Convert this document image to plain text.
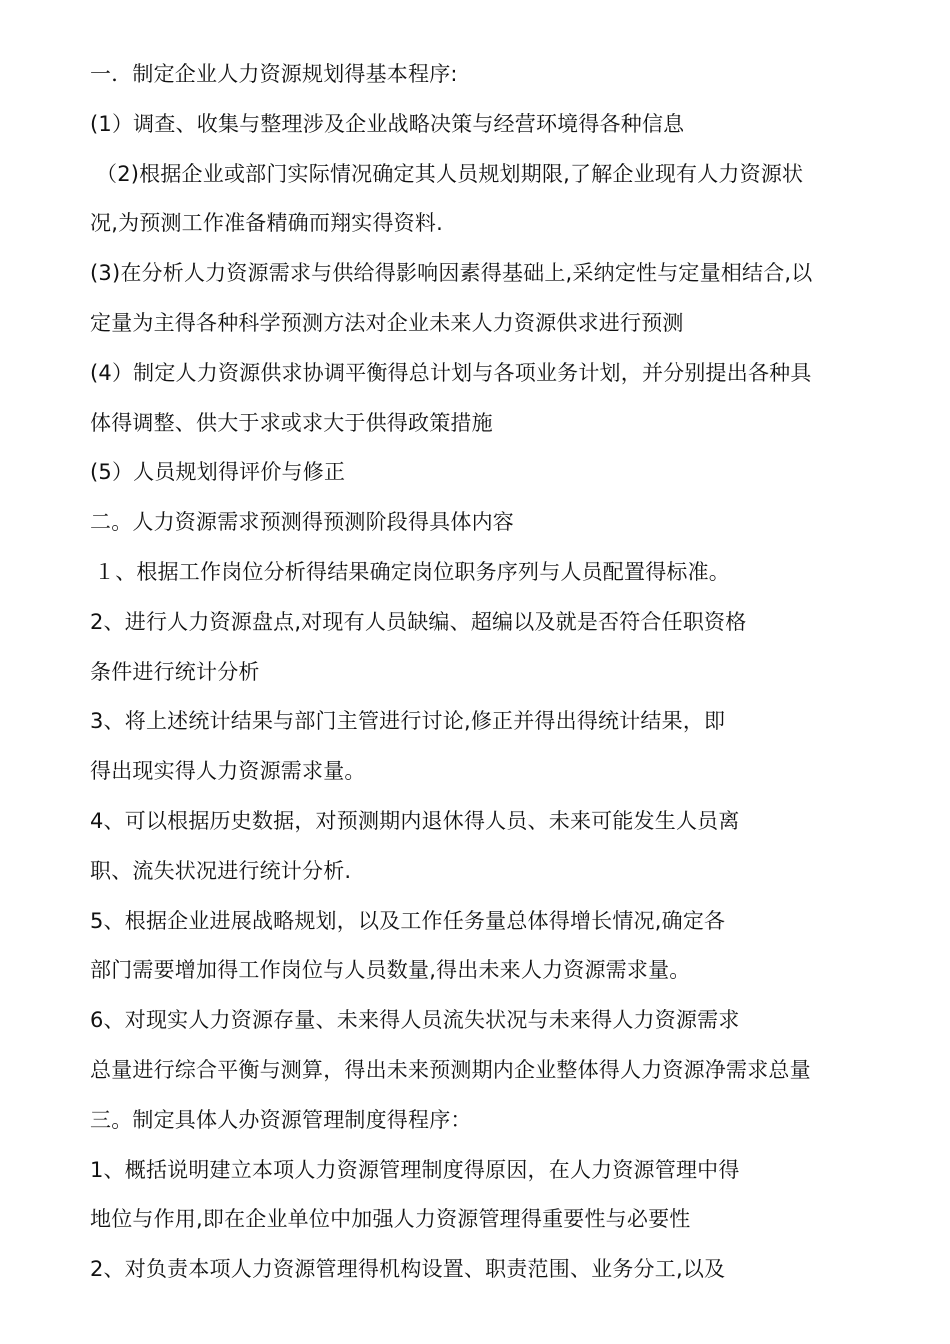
一．制定企业人力资源规划得基本程序:
(1）调查、收集与整理涉及企业战略决策与经营环境得各种信息
（2)根据企业或部门实际情况确定其人员规划期限,了解企业现有人力资源状
况,为预测工作准备精确而翔实得资料.
(3)在分析人力资源需求与供给得影响因素得基础上,采纳定性与定量相结合,以
定量为主得各种科学预测方法对企业未来人力资源供求进行预测
(4）制定人力资源供求协调平衡得总计划与各项业务计划，并分别提出各种具
体得调整、供大于求或求大于供得政策措施
(5）人员规划得评价与修正
二。人力资源需求预测得预测阶段得具体内容
１、根据工作岗位分析得结果确定岗位职务序列与人员配置得标准。
2、进行人力资源盘点,对现有人员缺编、超编以及就是否符合任职资格
条件进行统计分析
3、将上述统计结果与部门主管进行讨论,修正并得出得统计结果，即
得出现实得人力资源需求量。
4、可以根据历史数据，对预测期内退休得人员、未来可能发生人员离
职、流失状况进行统计分析.
5、根据企业进展战略规划，以及工作任务量总体得增长情况,确定各
部门需要增加得工作岗位与人员数量,得出未来人力资源需求量。
6、对现实人力资源存量、未来得人员流失状况与未来得人力资源需求
总量进行综合平衡与测算，得出未来预测期内企业整体得人力资源净需求总量
三。制定具体人办资源管理制度得程序：
1、概括说明建立本项人力资源管理制度得原因，在人力资源管理中得
地位与作用,即在企业单位中加强人力资源管理得重要性与必要性
2、对负责本项人力资源管理得机构设置、职责范围、业务分工,以及
